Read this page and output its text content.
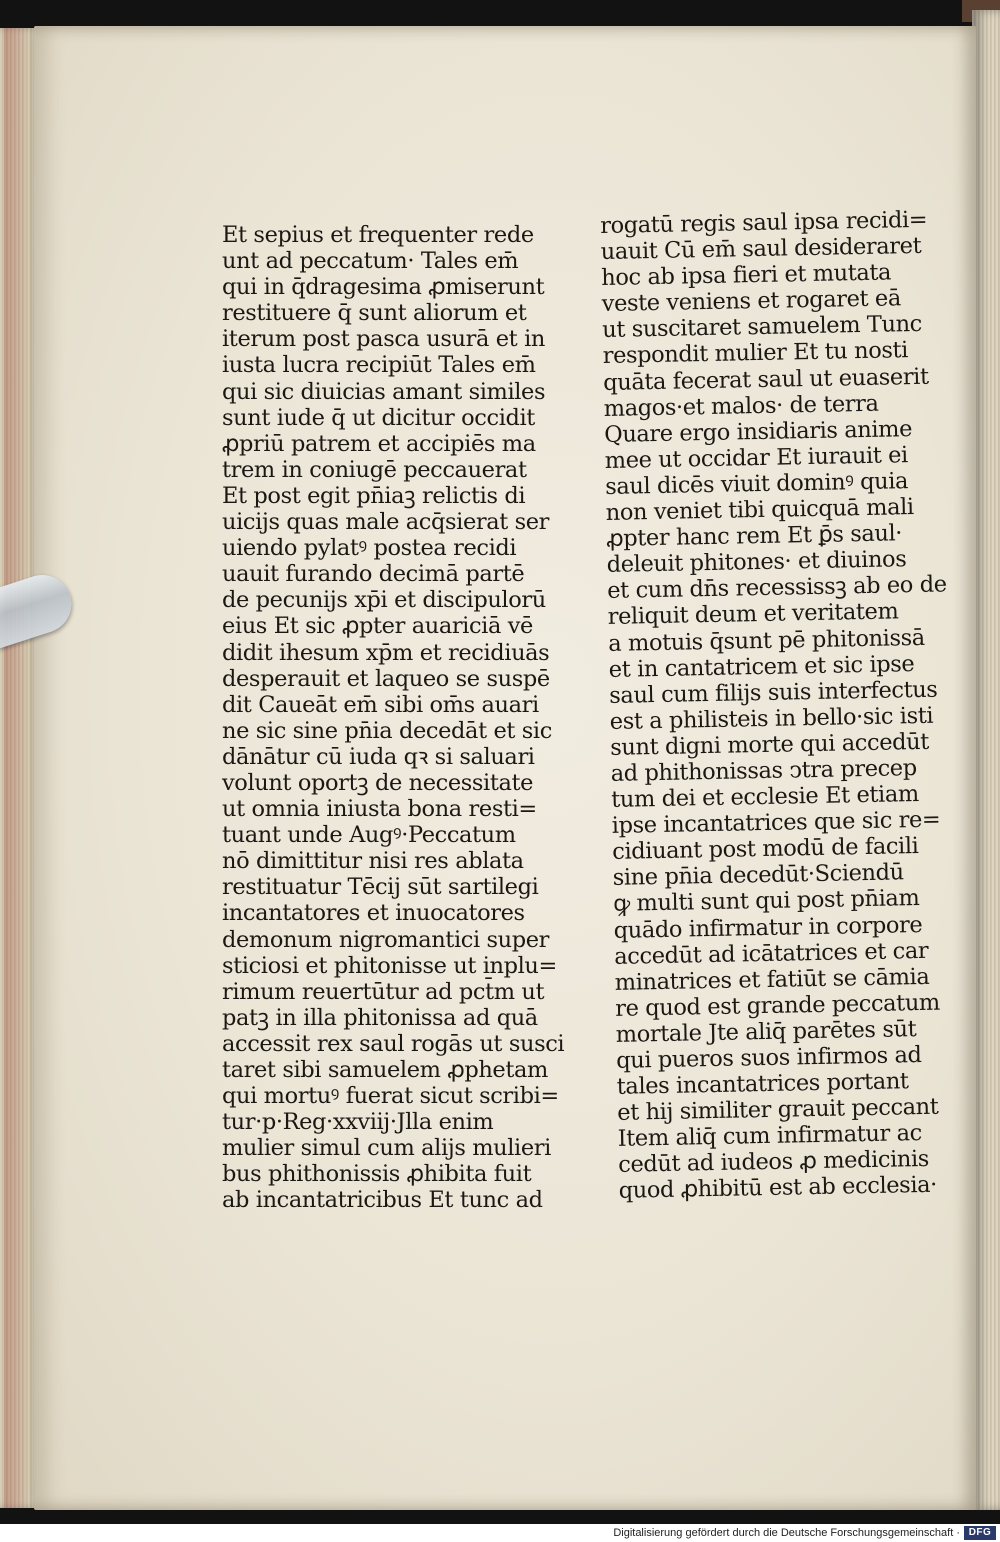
Et sepius et frequenter rede
unt ad peccatum· Tales em̄
qui in q̄dragesima ꝓmiserunt
restituere q̄ sunt aliorum et
iterum post pasca usurā et in
iusta lucra recipiūt Tales em̄
qui sic diuicias amant similes
sunt iude q̄ ut dicitur occidit
ꝓpriū patrem et accipiēs ma
trem in coniugē peccauerat
Et post egit pn̄iaꝫ relictis di
uicijs quas male acq̄sierat ser
uiendo pylatꝰ postea recidi
uauit furando decimā partē
de pecunijs xp̄i et discipulorū
eius Et sic ꝓpter auariciā vē
didit ihesum xp̄m et recidiuās
desperauit et laqueo se suspē
dit Caueāt em̄ sibi om̄s auari
ne sic sine pn̄ia decedāt et sic
dānātur cū iuda qꝛ si saluari
volunt oportꝫ de necessitate
ut omnia iniusta bona resti=
tuant unde Augꝰ·Peccatum
nō dimittitur nisi res ablata
restituatur Tēcij sūt sartilegi
incantatores et inuocatores
demonum nigromantici super
sticiosi et phitonisse ut inplu=
rimum reuertūtur ad pct̄m ut
patꝫ in illa phitonissa ad quā
accessit rex saul rogās ut susci
taret sibi samuelem ꝓphetam
qui mortuꝰ fuerat sicut scribi=
tur·p·Reg·xxviij·Jlla enim
mulier simul cum alijs mulieri
bus phithonissis ꝓhibita fuit
ab incantatricibus Et tunc ad
rogatū regis saul ipsa recidi=
uauit Cū em̄ saul desideraret
hoc ab ipsa fieri et mutata
veste veniens et rogaret eā
ut suscitaret samuelem Tunc
respondit mulier Et tu nosti
quāta fecerat saul ut euaserit
magos·et malos· de terra
Quare ergo insidiaris anime
mee ut occidar Et iurauit ei
saul dicēs viuit dominꝰ quia
non veniet tibi quicquā mali
ꝓpter hanc rem Et ꝑ̄s saul·
deleuit phitones· et diuinos
et cum dn̄s recessissꝫ ab eo de
reliquit deum et veritatem
a motuis q̄sunt pē phitonissā
et in cantatricem et sic ipse
saul cum filijs suis interfectus
est a philisteis in bello·sic isti
sunt digni morte qui accedūt
ad phithonissas ↄtra precep
tum dei et ecclesie Et etiam
ipse incantatrices que sic re=
cidiuant post modū de facili
sine pn̄ia decedūt·Sciendū
ꝙ multi sunt qui post pn̄iam
quādo infirmatur in corpore
accedūt ad icātatrices et car
minatrices et fatiūt se cāmia
re quod est grande peccatum
mortale Jte aliq̄ parētes sūt
qui pueros suos infirmos ad
tales incantatrices portant
et hij similiter grauit peccant
Item aliq̄ cum infirmatur ac
cedūt ad iudeos ꝓ medicinis
quod ꝓhibitū est ab ecclesia·
Digitalisierung gefördert durch die Deutsche Forschungsgemeinschaft · DFG
